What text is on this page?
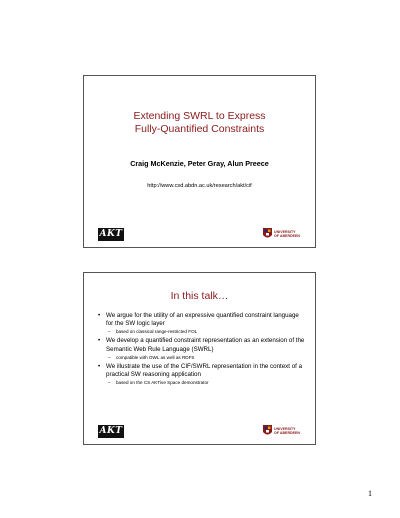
Extending SWRL to Express
Fully-Quantified Constraints
Craig McKenzie, Peter Gray, Alun Preece
http://www.csd.abdn.ac.uk/research/akt/cif
AKT	UNIVERSITY
OF ABERDEEN
In this talk…
• We argue for the utility of an expressive quantified constraint language for the SW logic layer
– based on classical range-restricted FOL
• We develop a quantified constraint representation as an extension of the Semantic Web Rule Language (SWRL)
– compatible with OWL as well as RDFS
• We illustrate the use of the CIF/SWRL representation in the context of a practical SW reasoning application
– based on the CS AKTive Space demonstrator
AKT	UNIVERSITY
OF ABERDEEN
1
